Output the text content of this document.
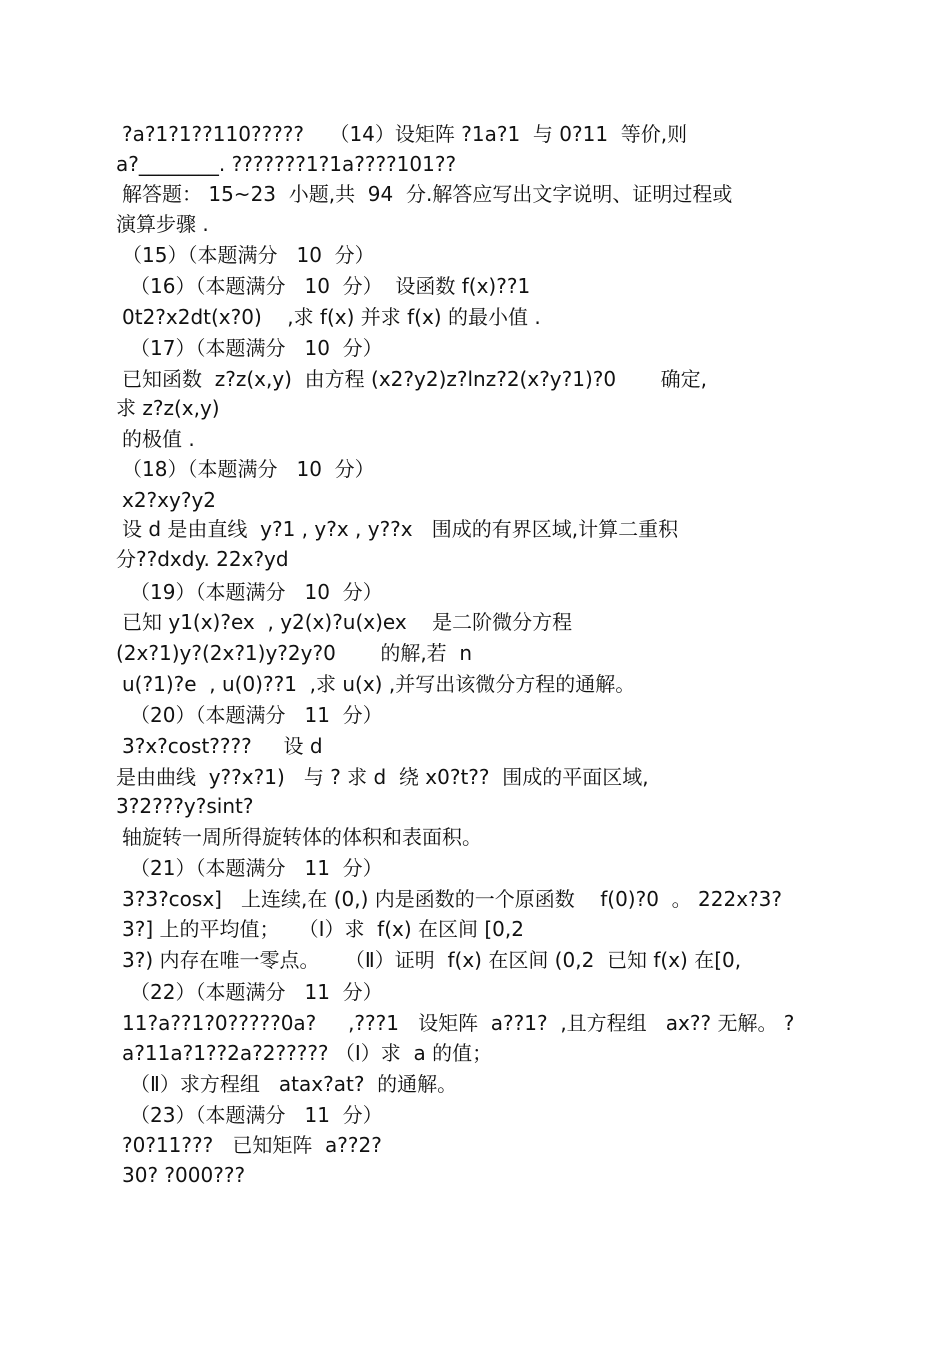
?a?1?1??110?????    （14）设矩阵 ?1a?1  与 0?11  等价,则
a?________. ???????1?1a????101??
解答题： 15~23  小题,共  94  分.解答应写出文字说明、证明过程或
演算步骤 .
（15）（本题满分   10  分）
（16）（本题满分   10  分）  设函数 f(x)??1
0t2?x2dt(x?0)    ,求 f(x) 并求 f(x) 的最小值 .
（17）（本题满分   10  分）
已知函数  z?z(x,y)  由方程 (x2?y2)z?lnz?2(x?y?1)?0       确定,
求 z?z(x,y)
的极值 .
（18）（本题满分   10  分）
x2?xy?y2
设 d 是由直线  y?1 , y?x , y??x   围成的有界区域,计算二重积
分??dxdy. 22x?yd
（19）（本题满分   10  分）
已知 y1(x)?ex  , y2(x)?u(x)ex    是二阶微分方程
(2x?1)y?(2x?1)y?2y?0       的解,若  n
u(?1)?e  , u(0)??1  ,求 u(x) ,并写出该微分方程的通解。
（20）（本题满分   11  分）
3?x?cost????     设 d
是由曲线  y??x?1)   与 ? 求 d  绕 x0?t??  围成的平面区域,
3?2???y?sint?
轴旋转一周所得旋转体的体积和表面积。
（21）（本题满分   11  分）
3?3?cosx]   上连续,在 (0,) 内是函数的一个原函数    f(0)?0  。 222x?3?
3?] 上的平均值；   （Ⅰ）求  f(x) 在区间 [0,2
3?) 内存在唯一零点。    （Ⅱ）证明  f(x) 在区间 (0,2  已知 f(x) 在[0,
（22）（本题满分   11  分）
11?a??1?0?????0a?     ,???1   设矩阵  a??1?  ,且方程组   ax?? 无解。 ?
a?11a?1??2a?2????? （Ⅰ）求  a 的值；
（Ⅱ）求方程组   atax?at?  的通解。
（23）（本题满分   11  分）
?0?11???   已知矩阵  a??2?
30? ?000???
